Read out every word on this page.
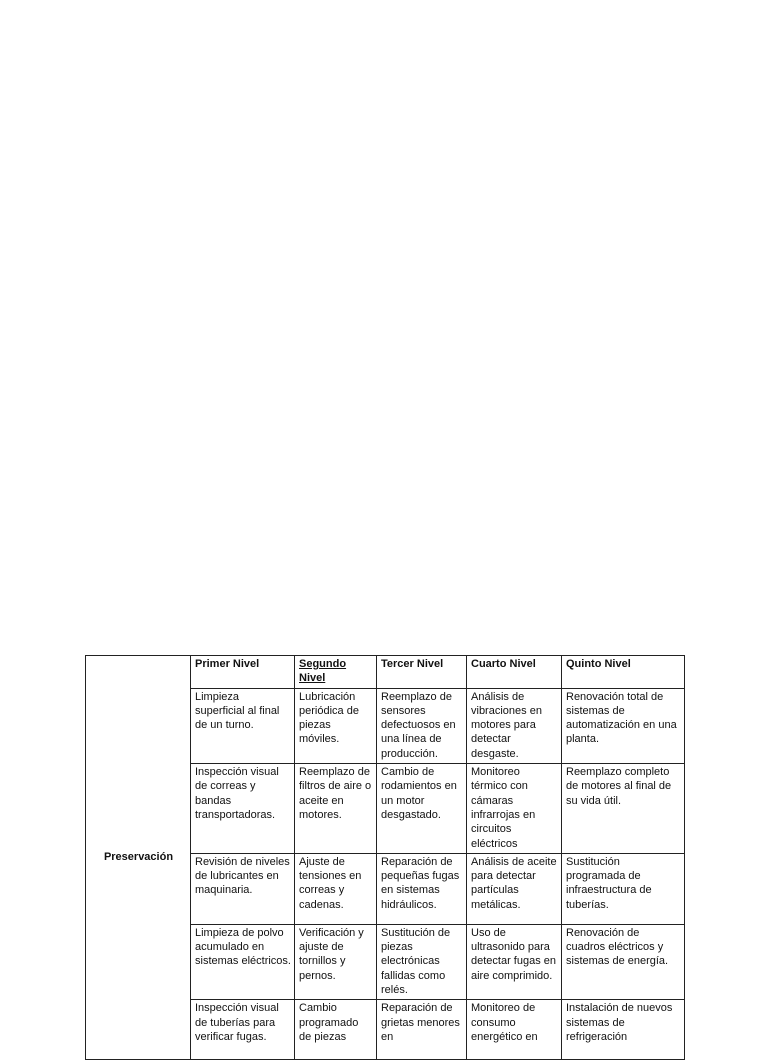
Preservación	Primer Nivel	Segundo Nivel	Tercer Nivel	Cuarto Nivel	Quinto Nivel
	Limpieza superficial al final de un turno.	Lubricación periódica de piezas móviles.	Reemplazo de sensores defectuosos en una línea de producción.	Análisis de vibraciones en motores para detectar desgaste.	Renovación total de sistemas de automatización en una planta.
	Inspección visual de correas y bandas transportadoras.	Reemplazo de filtros de aire o aceite en motores.	Cambio de rodamientos en un motor desgastado.	Monitoreo térmico con cámaras infrarrojas en circuitos eléctricos	Reemplazo completo de motores al final de su vida útil.
	Revisión de niveles de lubricantes en maquinaria.	Ajuste de tensiones en correas y cadenas.	Reparación de pequeñas fugas en sistemas hidráulicos.	Análisis de aceite para detectar partículas metálicas.	Sustitución programada de infraestructura de tuberías.
	Limpieza de polvo acumulado en sistemas eléctricos.	Verificación y ajuste de tornillos y pernos.	Sustitución de piezas electrónicas fallidas como relés.	Uso de ultrasonido para detectar fugas en aire comprimido.	Renovación de cuadros eléctricos y sistemas de energía.
	Inspección visual de tuberías para verificar fugas.	Cambio programado de piezas	Reparación de grietas menores en	Monitoreo de consumo energético en	Instalación de nuevos sistemas de refrigeración
